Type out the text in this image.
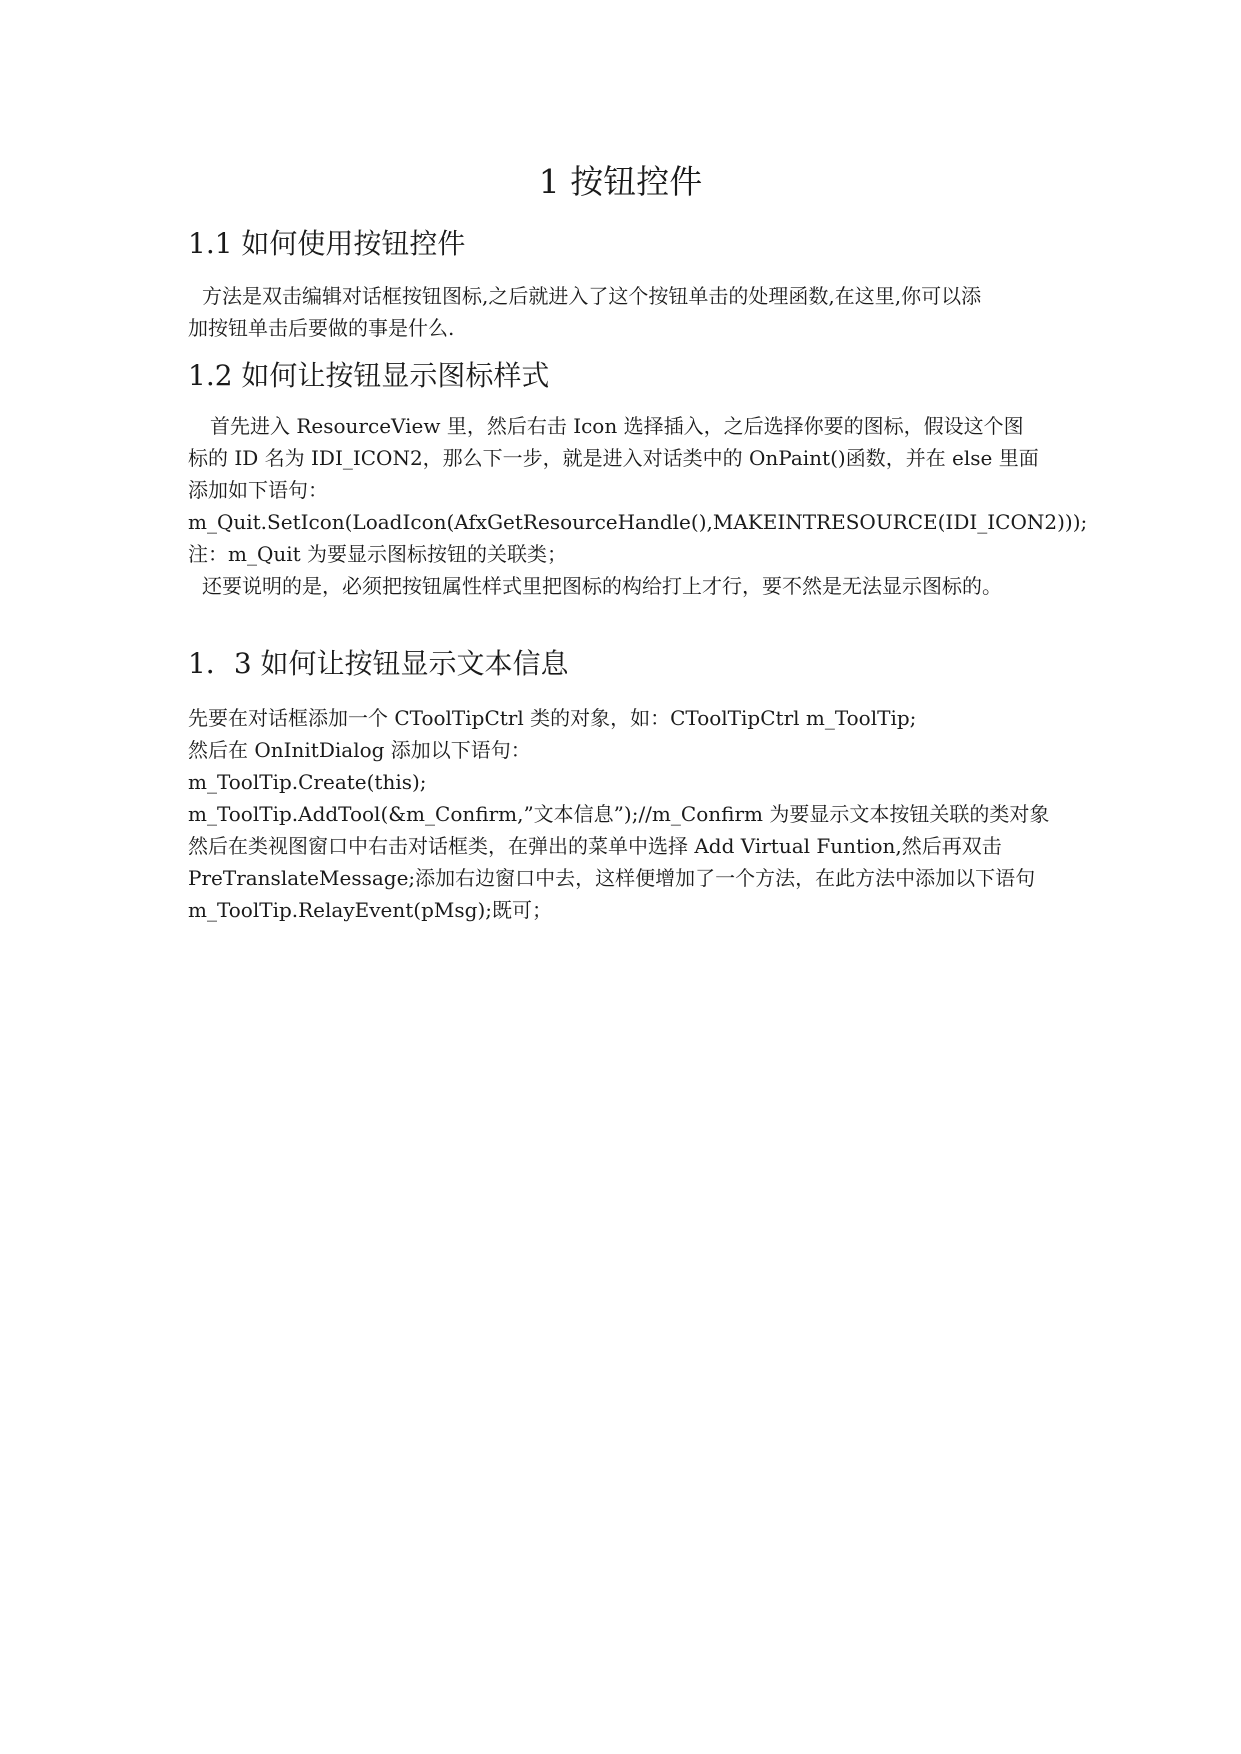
1 按钮控件
1.1 如何使用按钮控件

方法是双击编辑对话框按钮图标,之后就进入了这个按钮单击的处理函数,在这里,你可以添

加按钮单击后要做的事是什么.

1.2 如何让按钮显示图标样式

首先进入 ResourceView 里，然后右击 Icon 选择插入，之后选择你要的图标，假设这个图

标的 ID 名为 IDI_ICON2，那么下一步，就是进入对话类中的 OnPaint()函数，并在 else 里面

添加如下语句：

m_Quit.SetIcon(LoadIcon(AfxGetResourceHandle(),MAKEINTRESOURCE(IDI_ICON2)));

注：m_Quit 为要显示图标按钮的关联类；

还要说明的是，必须把按钮属性样式里把图标的构给打上才行，要不然是无法显示图标的。

1．3 如何让按钮显示文本信息

先要在对话框添加一个 CToolTipCtrl 类的对象，如：CToolTipCtrl m_ToolTip;

然后在 OnInitDialog 添加以下语句：

m_ToolTip.Create(this);

m_ToolTip.AddTool(&m_Confirm,”文本信息”);//m_Confirm 为要显示文本按钮关联的类对象

然后在类视图窗口中右击对话框类，在弹出的菜单中选择 Add Virtual Funtion,然后再双击

PreTranslateMessage;添加右边窗口中去，这样便增加了一个方法，在此方法中添加以下语句

m_ToolTip.RelayEvent(pMsg);既可；
